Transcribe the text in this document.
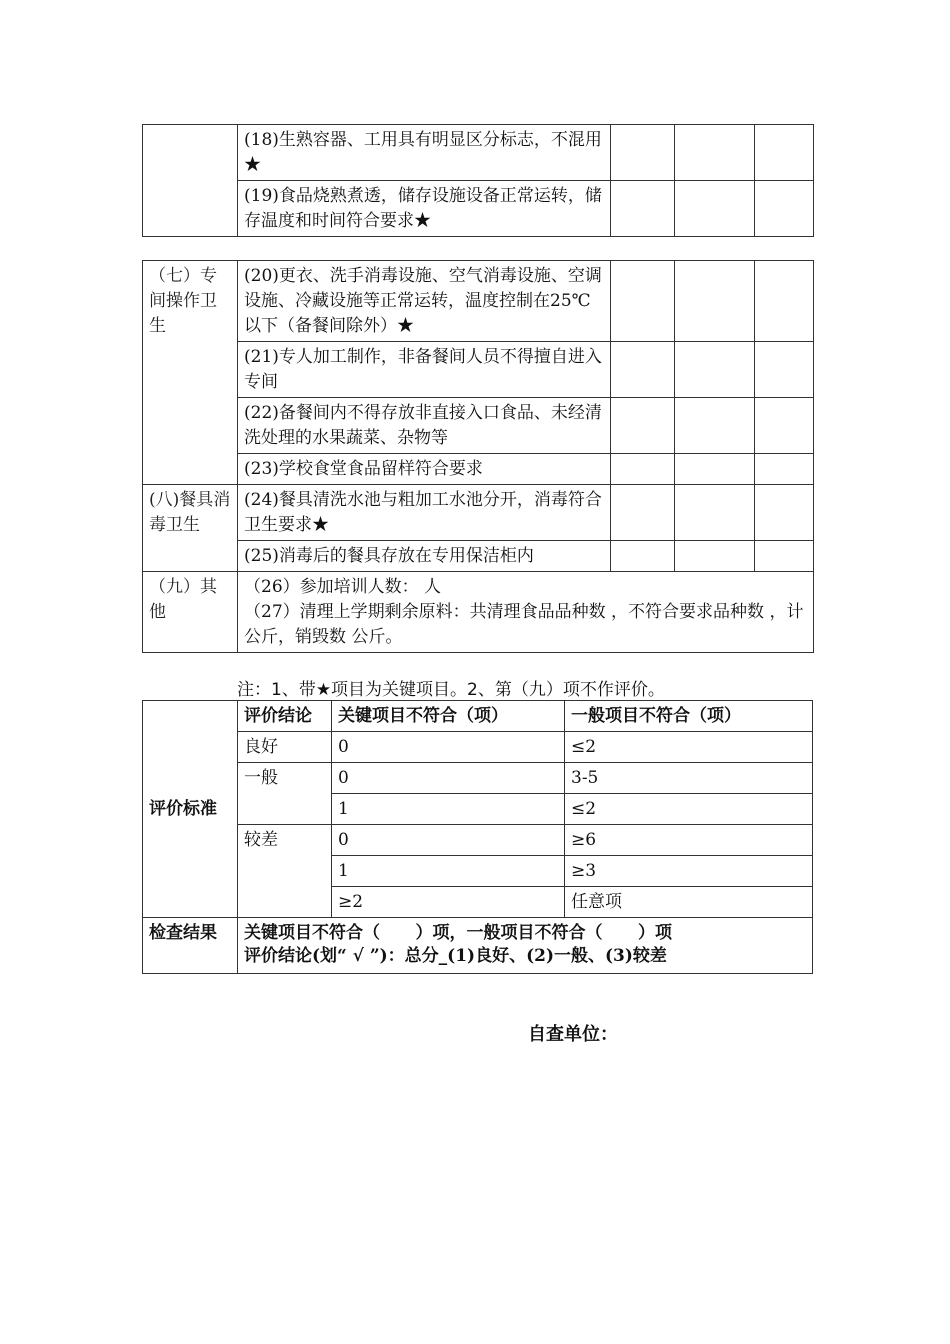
	(18)生熟容器、工用具有明显区分标志，不混用★			
	(19)食品烧熟煮透，储存设施设备正常运转，储存温度和时间符合要求★			
（七）专间操作卫生	(20)更衣、洗手消毒设施、空气消毒设施、空调设施、冷藏设施等正常运转，温度控制在25℃以下（备餐间除外）★			
	(21)专人加工制作，非备餐间人员不得擅自进入专间			
	(22)备餐间内不得存放非直接入口食品、未经清洗处理的水果蔬菜、杂物等			
	(23)学校食堂食品留样符合要求			
(八)餐具消毒卫生	(24)餐具清洗水池与粗加工水池分开，消毒符合卫生要求★			
	(25)消毒后的餐具存放在专用保洁柜内			
（九）其他	（26）参加培训人数： 人
（27）清理上学期剩余原料：共清理食品品种数 ，不符合要求品种数 ，计 公斤，销毁数 公斤。			
注：1、带★项目为关键项目。2、第（九）项不作评价。
评价标准	评价结论	关键项目不符合（项）	一般项目不符合（项）
	良好	0	≤2
	一般	0	3-5
		1	≤2
	较差	0	≥6
		1	≥3
		≥2	任意项
检查结果	关键项目不符合（      ）项，一般项目不符合（      ）项
评价结论(划“ √ ”)：总分_(1)良好、(2)一般、(3)较差		
自查单位：
